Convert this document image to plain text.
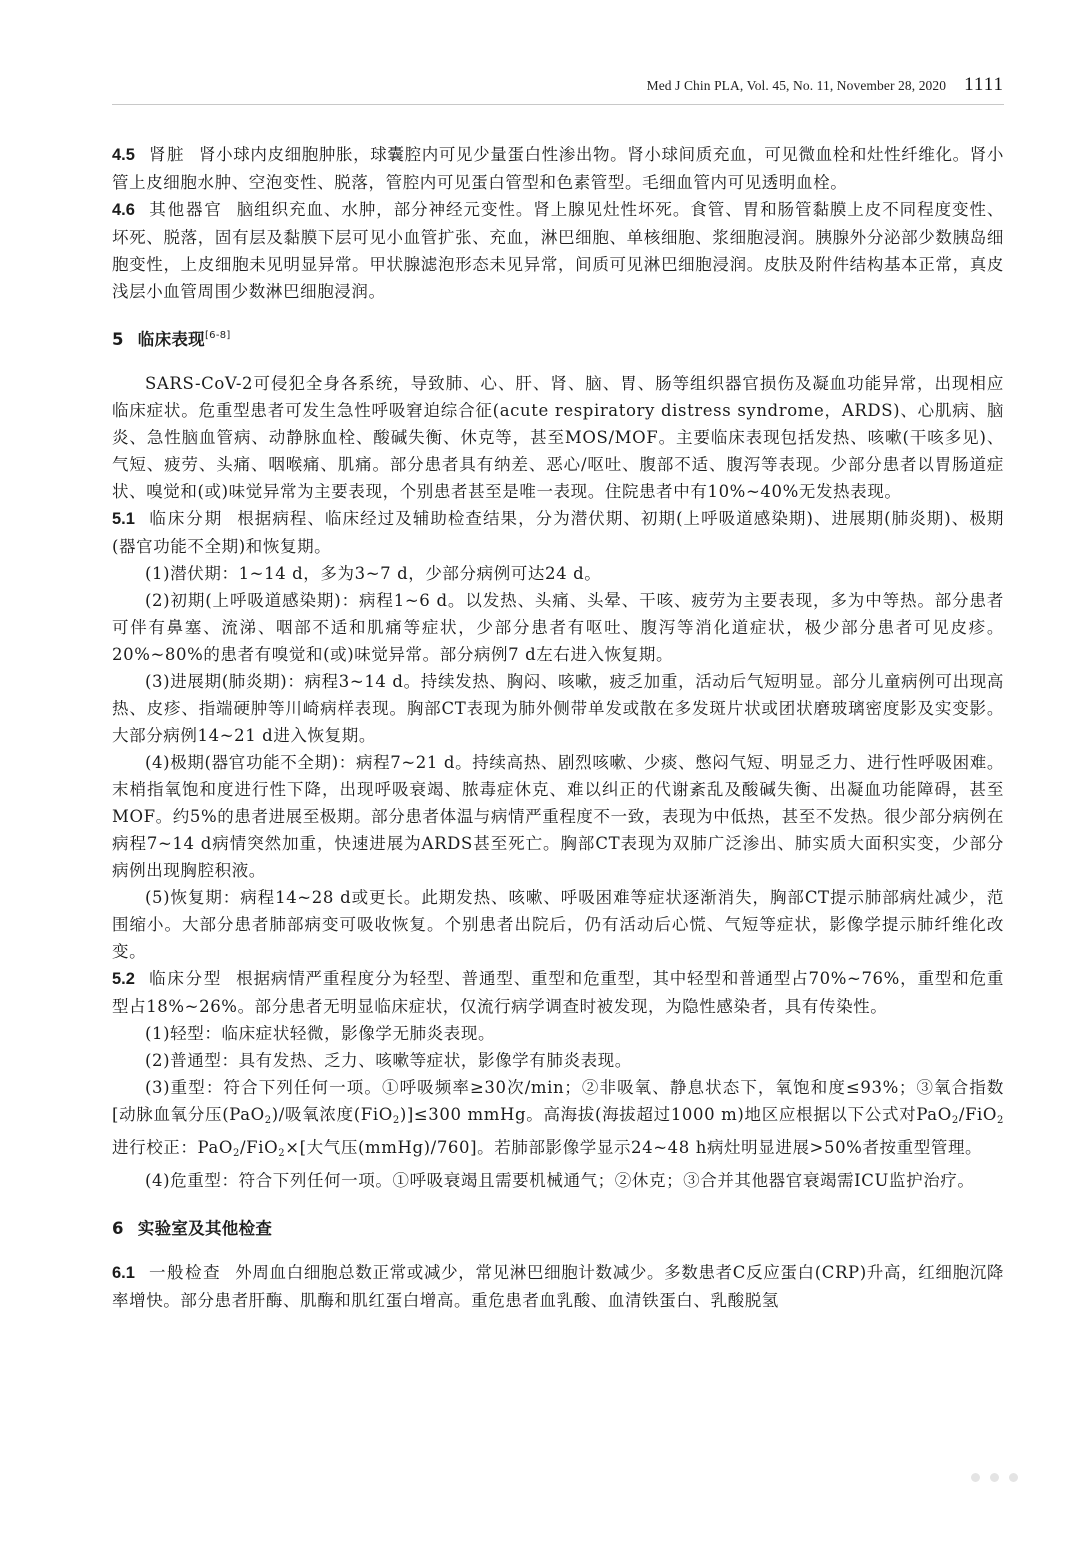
Med J Chin PLA, Vol. 45, No. 11, November 28, 2020 1111

4.5 肾脏 肾小球内皮细胞肿胀，球囊腔内可见少量蛋白性渗出物。肾小球间质充血，可见微血栓和灶性纤维化。肾小管上皮细胞水肿、空泡变性、脱落，管腔内可见蛋白管型和色素管型。毛细血管内可见透明血栓。

4.6 其他器官 脑组织充血、水肿，部分神经元变性。肾上腺见灶性坏死。食管、胃和肠管黏膜上皮不同程度变性、坏死、脱落，固有层及黏膜下层可见小血管扩张、充血，淋巴细胞、单核细胞、浆细胞浸润。胰腺外分泌部少数胰岛细胞变性，上皮细胞未见明显异常。甲状腺滤泡形态未见异常，间质可见淋巴细胞浸润。皮肤及附件结构基本正常，真皮浅层小血管周围少数淋巴细胞浸润。

5 临床表现[6-8]

SARS-CoV-2可侵犯全身各系统，导致肺、心、肝、肾、脑、胃、肠等组织器官损伤及凝血功能异常，出现相应临床症状。危重型患者可发生急性呼吸窘迫综合征(acute respiratory distress syndrome，ARDS)、心肌病、脑炎、急性脑血管病、动静脉血栓、酸碱失衡、休克等，甚至MOS/MOF。主要临床表现包括发热、咳嗽(干咳多见)、气短、疲劳、头痛、咽喉痛、肌痛。部分患者具有纳差、恶心/呕吐、腹部不适、腹泻等表现。少部分患者以胃肠道症状、嗅觉和(或)味觉异常为主要表现，个别患者甚至是唯一表现。住院患者中有10%~40%无发热表现。

5.1 临床分期 根据病程、临床经过及辅助检查结果，分为潜伏期、初期(上呼吸道感染期)、进展期(肺炎期)、极期(器官功能不全期)和恢复期。

(1)潜伏期：1~14 d，多为3~7 d，少部分病例可达24 d。

(2)初期(上呼吸道感染期)：病程1~6 d。以发热、头痛、头晕、干咳、疲劳为主要表现，多为中等热。部分患者可伴有鼻塞、流涕、咽部不适和肌痛等症状，少部分患者有呕吐、腹泻等消化道症状，极少部分患者可见皮疹。20%~80%的患者有嗅觉和(或)味觉异常。部分病例7 d左右进入恢复期。

(3)进展期(肺炎期)：病程3~14 d。持续发热、胸闷、咳嗽，疲乏加重，活动后气短明显。部分儿童病例可出现高热、皮疹、指端硬肿等川崎病样表现。胸部CT表现为肺外侧带单发或散在多发斑片状或团状磨玻璃密度影及实变影。大部分病例14~21 d进入恢复期。

(4)极期(器官功能不全期)：病程7~21 d。持续高热、剧烈咳嗽、少痰、憋闷气短、明显乏力、进行性呼吸困难。末梢指氧饱和度进行性下降，出现呼吸衰竭、脓毒症休克、难以纠正的代谢紊乱及酸碱失衡、出凝血功能障碍，甚至MOF。约5%的患者进展至极期。部分患者体温与病情严重程度不一致，表现为中低热，甚至不发热。很少部分病例在病程7~14 d病情突然加重，快速进展为ARDS甚至死亡。胸部CT表现为双肺广泛渗出、肺实质大面积实变，少部分病例出现胸腔积液。

(5)恢复期：病程14~28 d或更长。此期发热、咳嗽、呼吸困难等症状逐渐消失，胸部CT提示肺部病灶减少，范围缩小。大部分患者肺部病变可吸收恢复。个别患者出院后，仍有活动后心慌、气短等症状，影像学提示肺纤维化改变。

5.2 临床分型 根据病情严重程度分为轻型、普通型、重型和危重型，其中轻型和普通型占70%~76%，重型和危重型占18%~26%。部分患者无明显临床症状，仅流行病学调查时被发现，为隐性感染者，具有传染性。

(1)轻型：临床症状轻微，影像学无肺炎表现。

(2)普通型：具有发热、乏力、咳嗽等症状，影像学有肺炎表现。

(3)重型：符合下列任何一项。①呼吸频率≥30次/min；②非吸氧、静息状态下，氧饱和度≤93%；③氧合指数[动脉血氧分压(PaO$_2$)/吸氧浓度(FiO$_2$)]≤300 mmHg。高海拔(海拔超过1000 m)地区应根据以下公式对PaO$_2$/FiO$_2$进行校正：PaO$_2$/FiO$_2$×[大气压(mmHg)/760]。若肺部影像学显示24~48 h病灶明显进展>50%者按重型管理。

(4)危重型：符合下列任何一项。①呼吸衰竭且需要机械通气；②休克；③合并其他器官衰竭需ICU监护治疗。

6 实验室及其他检查

6.1 一般检查 外周血白细胞总数正常或减少，常见淋巴细胞计数减少。多数患者C反应蛋白(CRP)升高，红细胞沉降率增快。部分患者肝酶、肌酶和肌红蛋白增高。重危患者血乳酸、血清铁蛋白、乳酸脱氢
